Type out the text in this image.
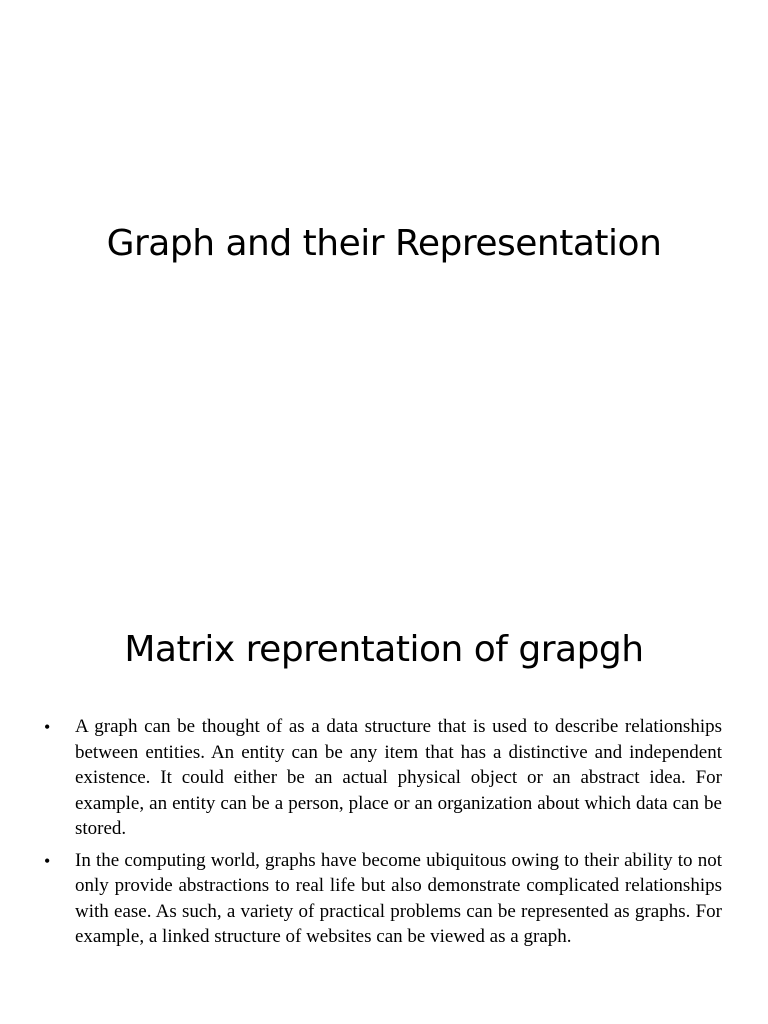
Graph and their Representation
Matrix reprentation of grapgh
• A graph can be thought of as a data structure that is used to describe relationships between entities. An entity can be any item that has a distinctive and independent existence. It could either be an actual physical object or an abstract idea. For example, an entity can be a person, place or an organization about which data can be stored.
• In the computing world, graphs have become ubiquitous owing to their ability to not only provide abstractions to real life but also demonstrate complicated relationships with ease. As such, a variety of practical problems can be represented as graphs. For example, a linked structure of websites can be viewed as a graph.
